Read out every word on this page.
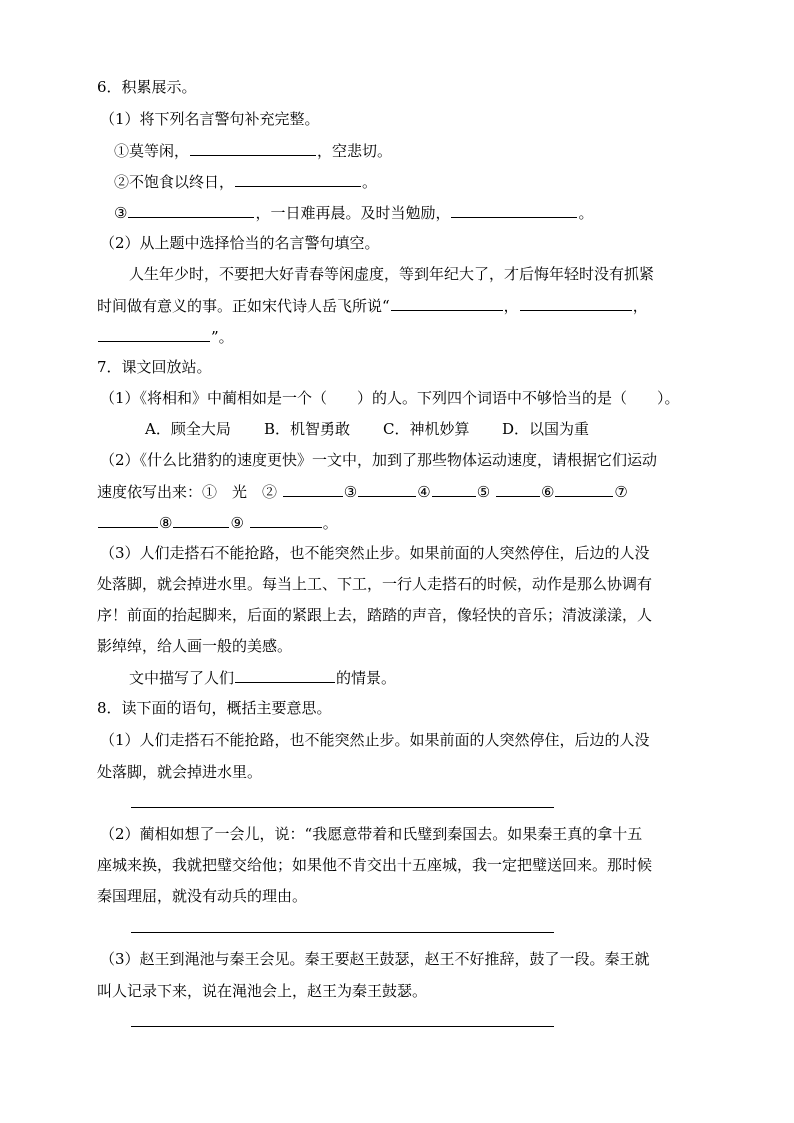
6．积累展示。
（1）将下列名言警句补充完整。
①莫等闲，	，空悲切。
②不饱食以终日，	。
③	，一日难再晨。及时当勉励，	。
（2）从上题中选择恰当的名言警句填空。
人生年少时，不要把大好青春等闲虚度，等到年纪大了，才后悔年轻时没有抓紧
时间做有意义的事。正如宋代诗人岳飞所说“	，	，
”。
7．课文回放站。
（1）《将相和》中蔺相如是一个（　　）的人。下列四个词语中不够恰当的是（　　）。
A．顾全大局 B．机智勇敢 C．神机妙算 D．以国为重
（2）《什么比猎豹的速度更快》一文中，加到了那些物体运动速度，请根据它们运动
速度依写出来：①　光　②	③	④	⑤	⑥	⑦
⑧	⑨	。
（3）人们走搭石不能抢路，也不能突然止步。如果前面的人突然停住，后边的人没
处落脚，就会掉进水里。每当上工、下工，一行人走搭石的时候，动作是那么协调有
序！前面的抬起脚来，后面的紧跟上去，踏踏的声音，像轻快的音乐；清波漾漾，人
影绰绰，给人画一般的美感。
文中描写了人们	的情景。
8．读下面的语句，概括主要意思。
（1）人们走搭石不能抢路，也不能突然止步。如果前面的人突然停住，后边的人没
处落脚，就会掉进水里。
（2）蔺相如想了一会儿，说：“我愿意带着和氏璧到秦国去。如果秦王真的拿十五
座城来换，我就把璧交给他；如果他不肯交出十五座城，我一定把璧送回来。那时候
秦国理屈，就没有动兵的理由。
（3）赵王到渑池与秦王会见。秦王要赵王鼓瑟，赵王不好推辞，鼓了一段。秦王就
叫人记录下来，说在渑池会上，赵王为秦王鼓瑟。
